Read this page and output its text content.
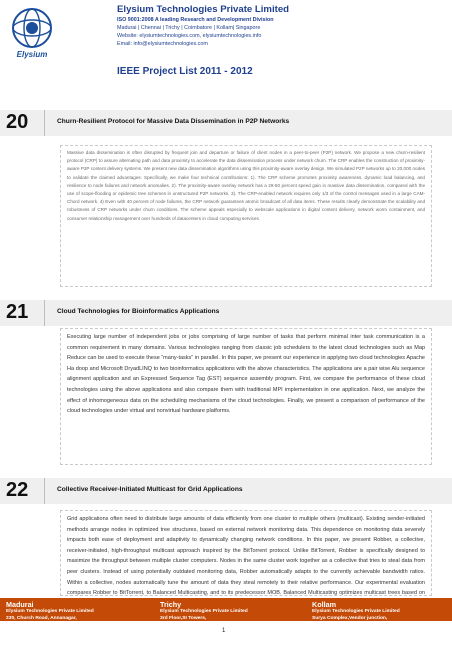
Elysium
Elysium Technologies Private Limited
ISO 9001:2008 A leading Research and Development Division
Madurai | Chennai | Trichy | Coimbatore | Kollam| Singapore
Website: elysiumtechnologies.com, elysiumtechnologies.info
Email: info@elysiumtechnologies.com
IEEE Project List 2011 - 2012
20	Churn-Resilient Protocol for Massive Data Dissemination in P2P Networks
Massive data dissemination is often disrupted by frequent join and departure or failure of client nodes in a peer-to-peer (P2P) network. We propose a new churn-resilient protocol (CRP) to assure alternating path and data proximity to accelerate the data dissemination process under network churn. The CRP enables the construction of proximity-aware P2P content delivery systems. We present new data dissemination algorithms using this proximity-aware overlay design. We simulated P2P networks up to 20,000 nodes to validate the claimed advantages. Specifically, we make four technical contributions: 1). The CRP scheme promotes proximity awareness, dynamic load balancing, and resilience to node failures and network anomalies. 2). The proximity-aware overlay network has a 28-50 percent speed gain in massive data dissemination, compared with the use of scope-flooding or epidemic tree schemes in unstructured P2P networks. 3). The CRP-enabled network requires only 1/3 of the control messages used in a large CAM-Chord network. 4) Even with 40 percent of node failures, the CRP network guarantees atomic broadcast of all data items. These results clearly demonstrate the scalability and robustness of CRP networks under churn conditions. The scheme appeals especially to webscale applications in digital content delivery, network worm containment, and consumer relationship management over hundreds of datacenters in cloud computing services.
21	Cloud Technologies for Bioinformatics Applications
Executing large number of independent jobs or jobs comprising of large number of tasks that perform minimal inter task communication is a common requirement in many domains. Various technologies ranging from classic job schedulers to the latest cloud technologies such as Map Reduce can be used to execute these “many-tasks” in parallel. In this paper, we present our experience in applying two cloud technologies Apache Ha doop and Microsoft DryadLINQ to two bioinformatics applications with the above characteristics. The applications are a pair wise Alu sequence alignment application and an Expressed Sequence Tag (EST) sequence assembly program. First, we compare the performance of these cloud technologies using the above applications and also compare them with traditional MPI implementation in one application. Next, we analyze the effect of inhomogeneous data on the scheduling mechanisms of the cloud technologies. Finally, we present a comparison of performance of the cloud technologies under virtual and nonvirtual hardware platforms.
22	Collective Receiver-Initiated Multicast for Grid Applications
Grid applications often need to distribute large amounts of data efficiently from one cluster to multiple others (multicast). Existing sender-initiated methods arrange nodes in optimized tree structures, based on external network monitoring data. This dependence on monitoring data severely impacts both ease of deployment and adaptivity to dynamically changing network conditions. In this paper, we present Robber, a collective, receiver-initiated, high-throughput multicast approach inspired by the BitTorrent protocol. Unlike BitTorrent, Robber is specifically designed to maximize the throughput between multiple cluster computers. Nodes in the same cluster work together as a collective that tries to steal data from peer clusters. Instead of using potentially outdated monitoring data, Robber automatically adapts to the currently achievable bandwidth ratios. Within a collective, nodes automatically tune the amount of data they steal remotely to their relative performance. Our experimental evaluation compares Robber to BitTorrent, to Balanced Multicasting, and to its predecessor MOB. Balanced Multicasting optimizes multicast trees based on
Madurai
Elysium Technologies Private Limited
230, Church Road, Annanagar,
Madurai , Tamilnadu – 625 020.
Contact : 91452 4390702, 4392702, 4394702.
eMail: info@elysiumtechnologies.com
Trichy
Elysium Technologies Private Limited
3rd Floor,SI Towers,
15 ,Melapudur , Trichy,
Tamilnadu – 620 001.
Contact : 91431 - 4002234.
eMail: elysium.trichy@gmail.com
Kollam
Elysium Technologies Private Limited
Surya Complex,Vendor junction,
kollam,Kerala – 691 010.
Contact : 91474 2723622.
eMail: elysium.kollam@gmail.com
1
